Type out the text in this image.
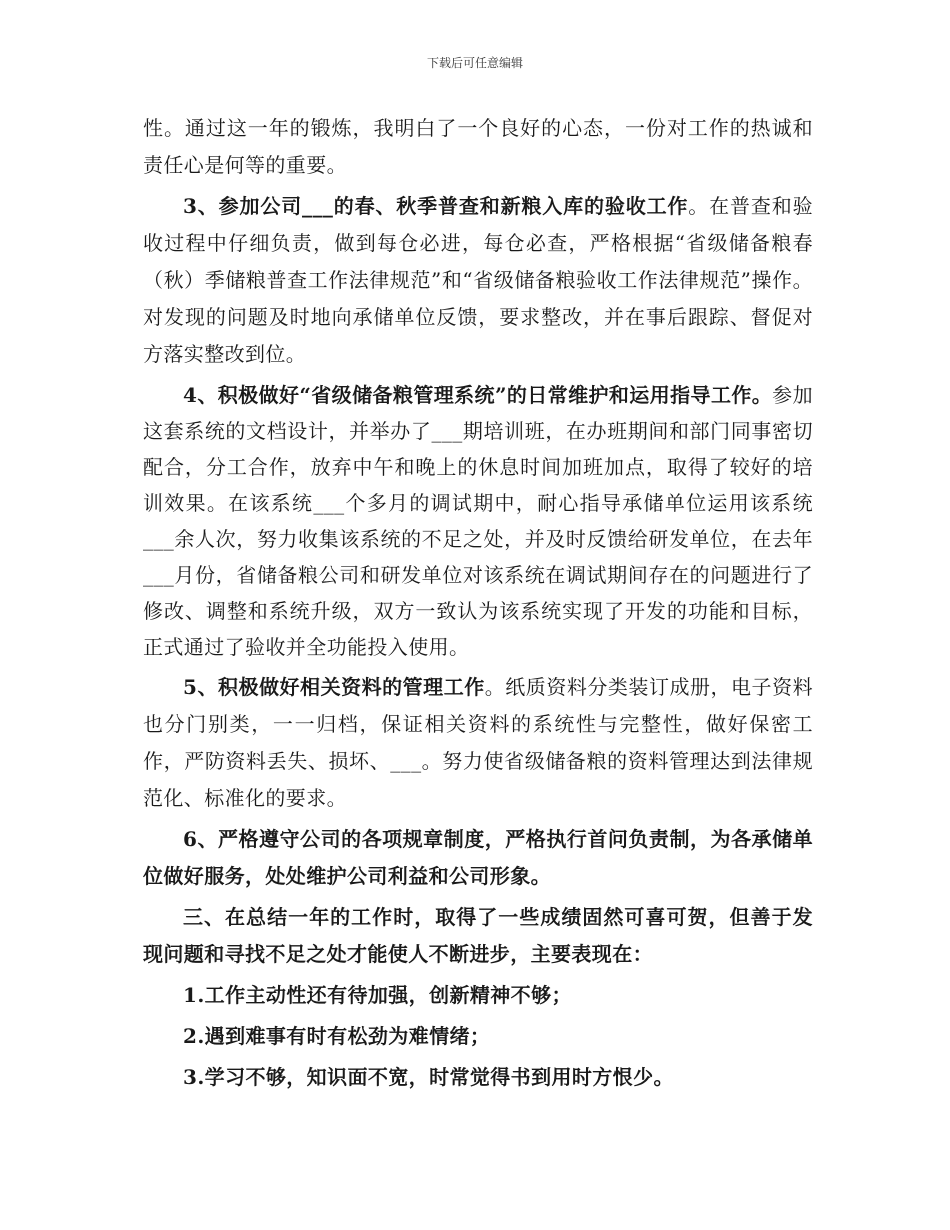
下载后可任意编辑

性。通过这一年的锻炼，我明白了一个良好的心态，一份对工作的热诚和责任心是何等的重要。

3、参加公司___的春、秋季普查和新粮入库的验收工作。在普查和验收过程中仔细负责，做到每仓必进，每仓必查，严格根据“省级储备粮春（秋）季储粮普查工作法律规范”和“省级储备粮验收工作法律规范”操作。对发现的问题及时地向承储单位反馈，要求整改，并在事后跟踪、督促对方落实整改到位。

4、积极做好“省级储备粮管理系统”的日常维护和运用指导工作。参加这套系统的文档设计，并举办了___期培训班，在办班期间和部门同事密切配合，分工合作，放弃中午和晚上的休息时间加班加点，取得了较好的培训效果。在该系统___个多月的调试期中，耐心指导承储单位运用该系统___余人次，努力收集该系统的不足之处，并及时反馈给研发单位，在去年___月份，省储备粮公司和研发单位对该系统在调试期间存在的问题进行了修改、调整和系统升级，双方一致认为该系统实现了开发的功能和目标，正式通过了验收并全功能投入使用。

5、积极做好相关资料的管理工作。纸质资料分类装订成册，电子资料也分门别类，一一归档，保证相关资料的系统性与完整性，做好保密工作，严防资料丢失、损坏、___。努力使省级储备粮的资料管理达到法律规范化、标准化的要求。

6、严格遵守公司的各项规章制度，严格执行首问负责制，为各承储单位做好服务，处处维护公司利益和公司形象。

三、在总结一年的工作时，取得了一些成绩固然可喜可贺，但善于发现问题和寻找不足之处才能使人不断进步，主要表现在：

1.工作主动性还有待加强，创新精神不够；

2.遇到难事有时有松劲为难情绪；

3.学习不够，知识面不宽，时常觉得书到用时方恨少。
